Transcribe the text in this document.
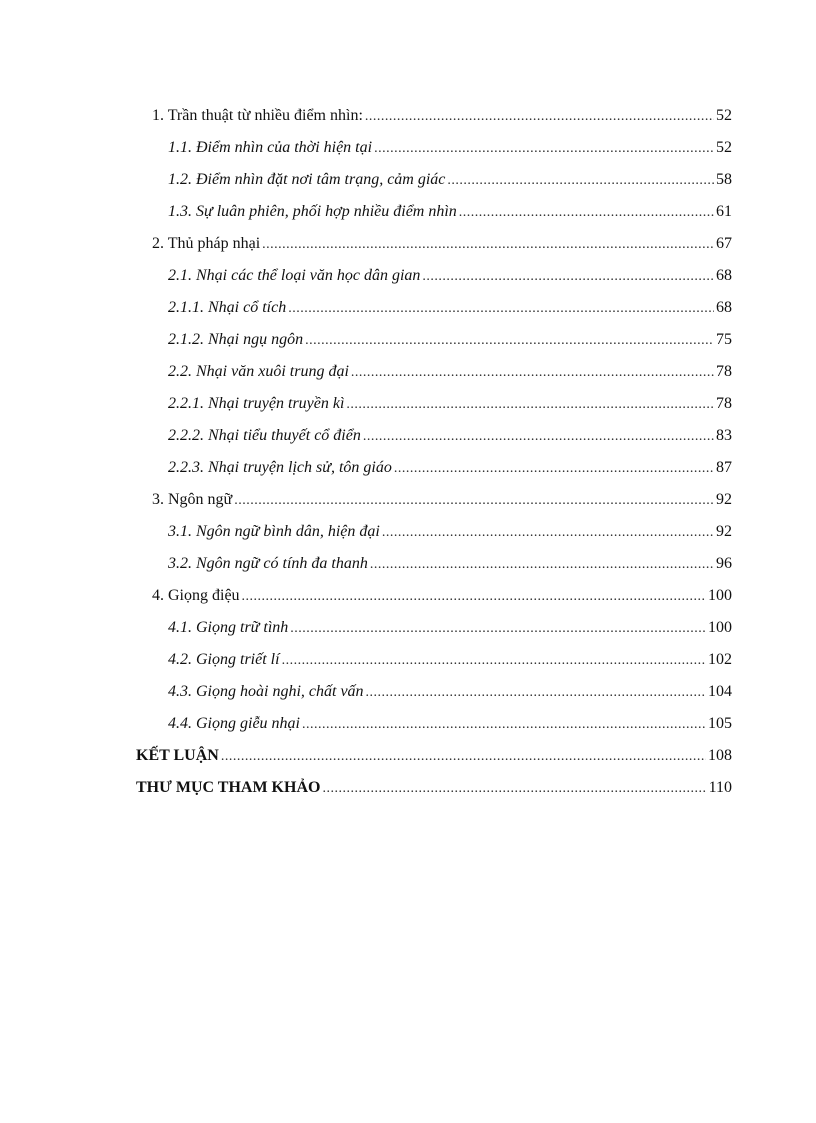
1. Trần thuật từ nhiều điểm nhìn: .....	52
1.1. Điểm nhìn của thời hiện tại .....	52
1.2. Điểm nhìn đặt nơi tâm trạng, cảm giác .....	58
1.3. Sự luân phiên, phối hợp nhiều điểm nhìn .....	61
2. Thủ pháp nhại .....	67
2.1. Nhại các thể loại văn học dân gian .....	68
2.1.1. Nhại cổ tích .....	68
2.1.2. Nhại ngụ ngôn .....	75
2.2. Nhại văn xuôi trung đại .....	78
2.2.1. Nhại truyện truyền kì .....	78
2.2.2. Nhại tiểu thuyết cổ điển .....	83
2.2.3. Nhại truyện lịch sử, tôn giáo .....	87
3. Ngôn ngữ .....	92
3.1. Ngôn ngữ bình dân, hiện đại .....	92
3.2. Ngôn ngữ có tính đa thanh .....	96
4. Giọng điệu .....	100
4.1. Giọng trữ tình .....	100
4.2. Giọng triết lí .....	102
4.3. Giọng hoài nghi, chất vấn .....	104
4.4. Giọng giễu nhại .....	105
KẾT LUẬN .....	108
THƯ MỤC THAM KHẢO .....	110
